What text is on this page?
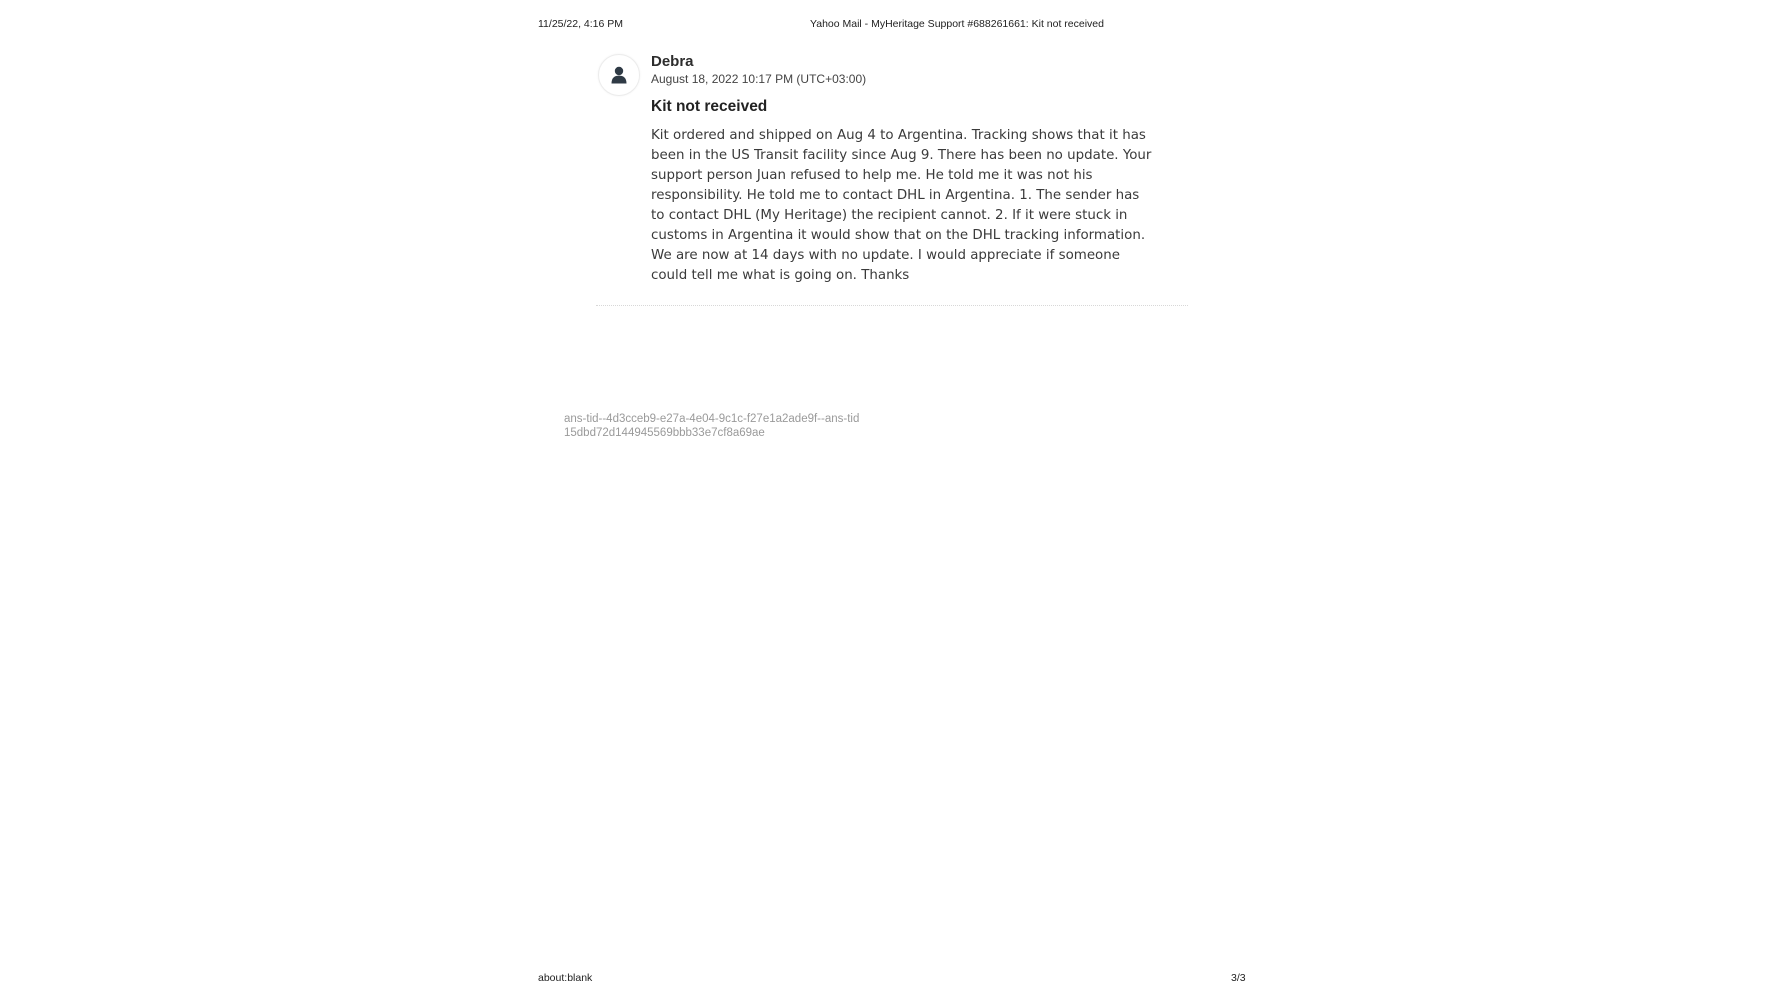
11/25/22, 4:16 PM	Yahoo Mail - MyHeritage Support #688261661: Kit not received
Debra
August 18, 2022 10:17 PM (UTC+03:00)
Kit not received
Kit ordered and shipped on Aug 4 to Argentina. Tracking shows that it has
been in the US Transit facility since Aug 9. There has been no update. Your
support person Juan refused to help me. He told me it was not his
responsibility. He told me to contact DHL in Argentina. 1. The sender has
to contact DHL (My Heritage) the recipient cannot. 2. If it were stuck in
customs in Argentina it would show that on the DHL tracking information.
We are now at 14 days with no update. I would appreciate if someone
could tell me what is going on. Thanks
ans-tid--4d3cceb9-e27a-4e04-9c1c-f27e1a2ade9f--ans-tid
15dbd72d144945569bbb33e7cf8a69ae
about:blank	3/3
